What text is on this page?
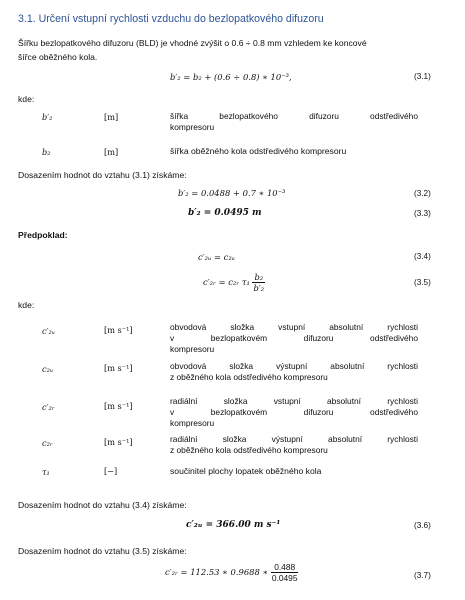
3.1. Určení vstupní rychlosti vzduchu do bezlopatkového difuzoru
Šířku bezlopatkového difuzoru (BLD) je vhodné zvýšit o 0.6 ÷ 0.8 mm vzhledem ke koncové
šířce oběžného kola.
b′₂ = b₂ + (0.6 ÷ 0.8) ∗ 10⁻³,	(3.1)
kde:
b′₂	[m]	šířka bezlopatkového difuzoru odstředivého
kompresoru
b₂	[m]	šířka oběžného kola odstředivého kompresoru
Dosazením hodnot do vztahu (3.1) získáme:
b′₂ = 0.0488 + 0.7 ∗ 10⁻³	(3.2)
b′₂ = 0.0495 m	(3.3)
Předpoklad:
c′₂ᵤ = c₂ᵤ	(3.4)
c′₂ᵣ = c₂ᵣ $\tau_1 \frac{\text{b₂}}{\text{b′₂}}$	(3.5)
kde:
c′₂ᵤ	[m s⁻¹]	obvodová složka vstupní absolutní rychlosti
v bezlopatkovém difuzoru odstředivého
kompresoru
c₂ᵤ	[m s⁻¹]	obvodová složka výstupní absolutní rychlosti
z oběžného kola odstředivého kompresoru
c′₂ᵣ	[m s⁻¹]	radiální složka vstupní absolutní rychlosti
v bezlopatkovém difuzoru odstředivého
kompresoru
c₂ᵣ	[m s⁻¹]	radiální složka výstupní absolutní rychlosti
z oběžného kola odstředivého kompresoru
τ₁	[−]	součinitel plochy lopatek oběžného kola
Dosazením hodnot do vztahu (3.4) získáme:
c′₂ᵤ = 366.00 m s⁻¹	(3.6)
Dosazením hodnot do vztahu (3.5) získáme:
c′₂ᵣ = 112.53 ∗ 0.9688 ∗ $\frac{0.488}{0.0495}$	(3.7)
